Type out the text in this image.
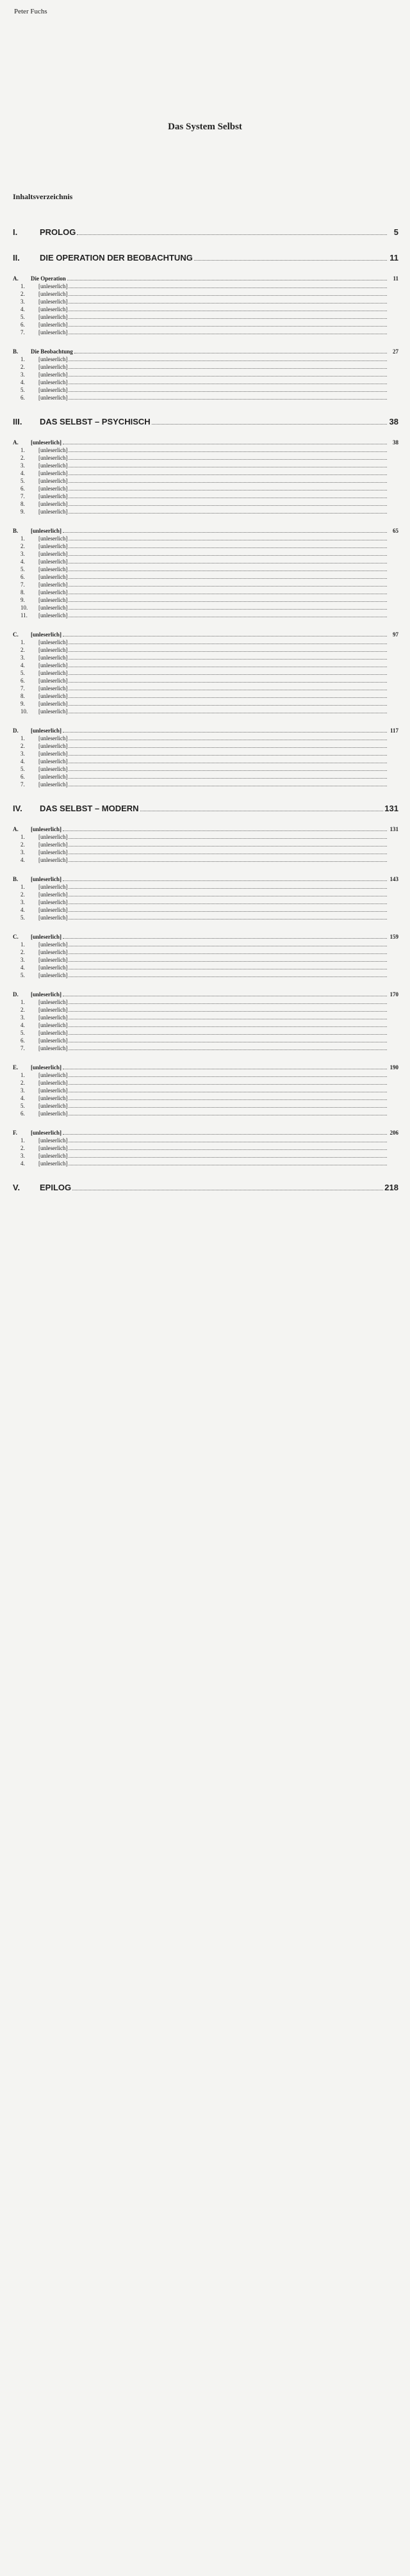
Peter Fuchs
Das System Selbst
Inhaltsverzeichnis
I.	PROLOG	5
II.	DIE OPERATION DER BEOBACHTUNG	11
A.	Die Operation	11
1.	[unleserlich]
2.	[unleserlich]
3.	[unleserlich]
4.	[unleserlich]
5.	[unleserlich]
6.	[unleserlich]
7.	[unleserlich]
B.	Die Beobachtung	27
1.	[unleserlich]
2.	[unleserlich]
3.	[unleserlich]
4.	[unleserlich]
5.	[unleserlich]
6.	[unleserlich]
III.	DAS SELBST – PSYCHISCH	38
A.	[unleserlich]	38
1.	[unleserlich]
2.	[unleserlich]
3.	[unleserlich]
4.	[unleserlich]
5.	[unleserlich]
6.	[unleserlich]
7.	[unleserlich]
8.	[unleserlich]
9.	[unleserlich]
B.	[unleserlich]	65
1.	[unleserlich]
2.	[unleserlich]
3.	[unleserlich]
4.	[unleserlich]
5.	[unleserlich]
6.	[unleserlich]
7.	[unleserlich]
8.	[unleserlich]
9.	[unleserlich]
10.	[unleserlich]
11.	[unleserlich]
C.	[unleserlich]	97
1.	[unleserlich]
2.	[unleserlich]
3.	[unleserlich]
4.	[unleserlich]
5.	[unleserlich]
6.	[unleserlich]
7.	[unleserlich]
8.	[unleserlich]
9.	[unleserlich]
10.	[unleserlich]
D.	[unleserlich]	117
1.	[unleserlich]
2.	[unleserlich]
3.	[unleserlich]
4.	[unleserlich]
5.	[unleserlich]
6.	[unleserlich]
7.	[unleserlich]
IV.	DAS SELBST – MODERN	131
A.	[unleserlich]	131
1.	[unleserlich]
2.	[unleserlich]
3.	[unleserlich]
4.	[unleserlich]
B.	[unleserlich]	143
1.	[unleserlich]
2.	[unleserlich]
3.	[unleserlich]
4.	[unleserlich]
5.	[unleserlich]
C.	[unleserlich]	159
1.	[unleserlich]
2.	[unleserlich]
3.	[unleserlich]
4.	[unleserlich]
5.	[unleserlich]
D.	[unleserlich]	170
1.	[unleserlich]
2.	[unleserlich]
3.	[unleserlich]
4.	[unleserlich]
5.	[unleserlich]
6.	[unleserlich]
7.	[unleserlich]
E.	[unleserlich]	190
1.	[unleserlich]
2.	[unleserlich]
3.	[unleserlich]
4.	[unleserlich]
5.	[unleserlich]
6.	[unleserlich]
F.	[unleserlich]	206
1.	[unleserlich]
2.	[unleserlich]
3.	[unleserlich]
4.	[unleserlich]
V.	EPILOG	218
